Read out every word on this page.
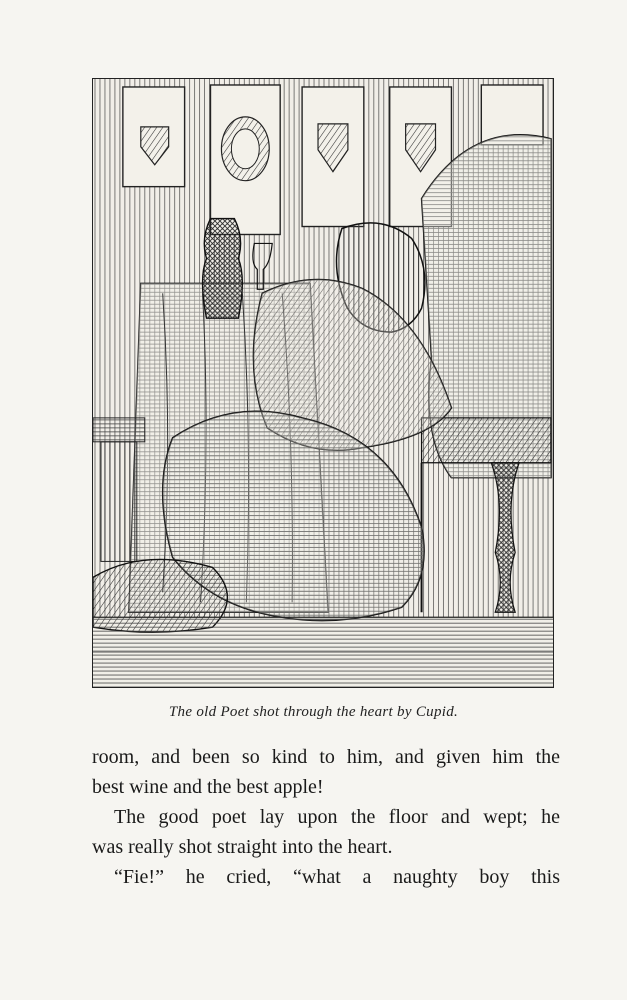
The old Poet shot through the heart by Cupid.
room, and been so kind to him, and given him the
best wine and the best apple!
The good poet lay upon the floor and wept; he
was really shot straight into the heart.
“Fie!” he cried, “what a naughty boy this
